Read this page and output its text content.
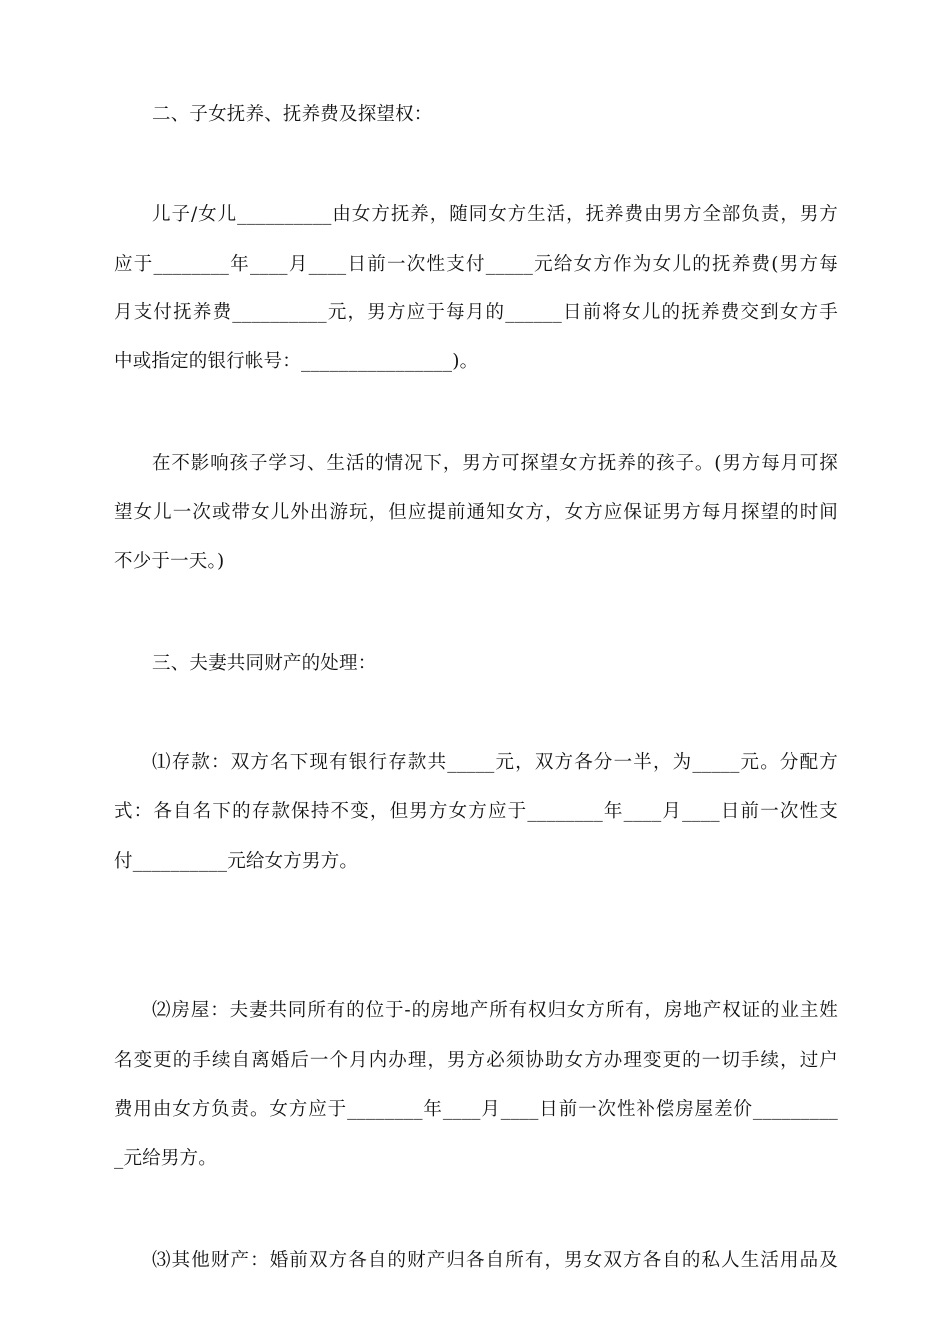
二、子女抚养、抚养费及探望权：
儿子/女儿__________由女方抚养，随同女方生活，抚养费由男方全部负责，男方
应于________年____月____日前一次性支付_____元给女方作为女儿的抚养费(男方每
月支付抚养费__________元，男方应于每月的______日前将女儿的抚养费交到女方手
中或指定的银行帐号：________________)。
在不影响孩子学习、生活的情况下，男方可探望女方抚养的孩子。(男方每月可探
望女儿一次或带女儿外出游玩，但应提前通知女方，女方应保证男方每月探望的时间
不少于一天。)
三、夫妻共同财产的处理：
⑴存款：双方名下现有银行存款共_____元，双方各分一半，为_____元。分配方
式：各自名下的存款保持不变，但男方女方应于________年____月____日前一次性支
付__________元给女方男方。
⑵房屋：夫妻共同所有的位于-的房地产所有权归女方所有，房地产权证的业主姓
名变更的手续自离婚后一个月内办理，男方必须协助女方办理变更的一切手续，过户
费用由女方负责。女方应于________年____月____日前一次性补偿房屋差价_________
_元给男方。
⑶其他财产：婚前双方各自的财产归各自所有，男女双方各自的私人生活用品及
